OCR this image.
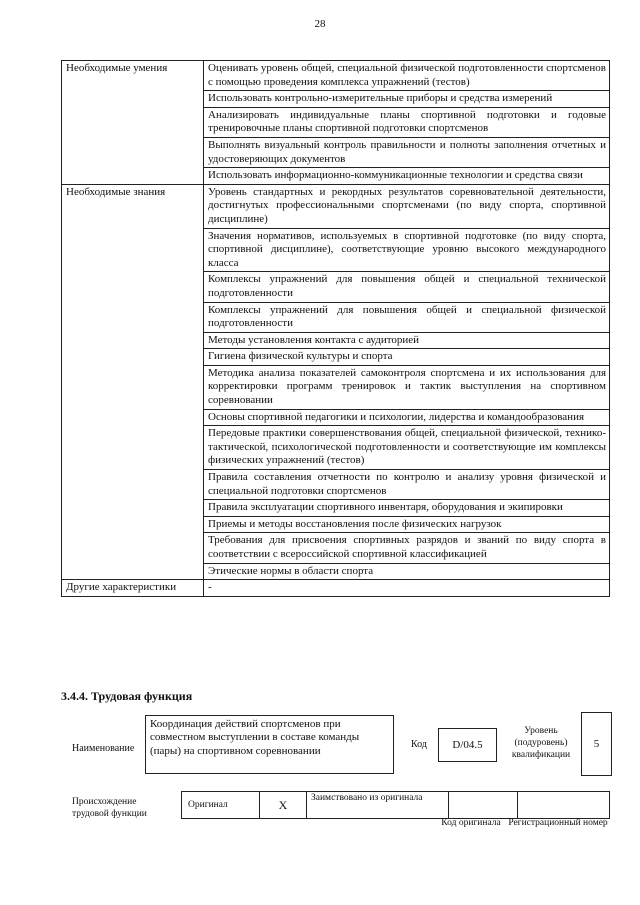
28
Необходимые умения	Оценивать уровень общей, специальной физической подготовленности спортсменов с помощью проведения комплекса упражнений (тестов)
	Использовать контрольно-измерительные приборы и средства измерений
	Анализировать индивидуальные планы спортивной подготовки и годовые тренировочные планы спортивной подготовки спортсменов
	Выполнять визуальный контроль правильности и полноты заполнения отчетных и удостоверяющих документов
	Использовать информационно-коммуникационные технологии и средства связи
Необходимые знания	Уровень стандартных и рекордных результатов соревновательной деятельности, достигнутых профессиональными спортсменами (по виду спорта, спортивной дисциплине)
	Значения нормативов, используемых в спортивной подготовке (по виду спорта, спортивной дисциплине), соответствующие уровню высокого международного класса
	Комплексы упражнений для повышения общей и специальной технической подготовленности
	Комплексы упражнений для повышения общей и специальной физической подготовленности
	Методы установления контакта с аудиторией
	Гигиена физической культуры и спорта
	Методика анализа показателей самоконтроля спортсмена и их использования для корректировки программ тренировок и тактик выступления на спортивном соревновании
	Основы спортивной педагогики и психологии, лидерства и командообразования
	Передовые практики совершенствования общей, специальной физической, технико-тактической, психологической подготовленности и соответствующие им комплексы физических упражнений (тестов)
	Правила составления отчетности по контролю и анализу уровня физической и специальной подготовки спортсменов
	Правила эксплуатации спортивного инвентаря, оборудования и экипировки
	Приемы и методы восстановления после физических нагрузок
	Требования для присвоения спортивных разрядов и званий по виду спорта в соответствии с всероссийской спортивной классификацией
	Этические нормы в области спорта
Другие характеристики	-
3.4.4. Трудовая функция
Наименование
Координация действий спортсменов при совместном выступлении в составе команды (пары) на спортивном соревновании
Код	D/04.5
Уровень (подуровень) квалификации
5
Происхождение трудовой функции
Оригинал	X	Заимствовано из оригинала		
Код оригинала Регистрационный номер
